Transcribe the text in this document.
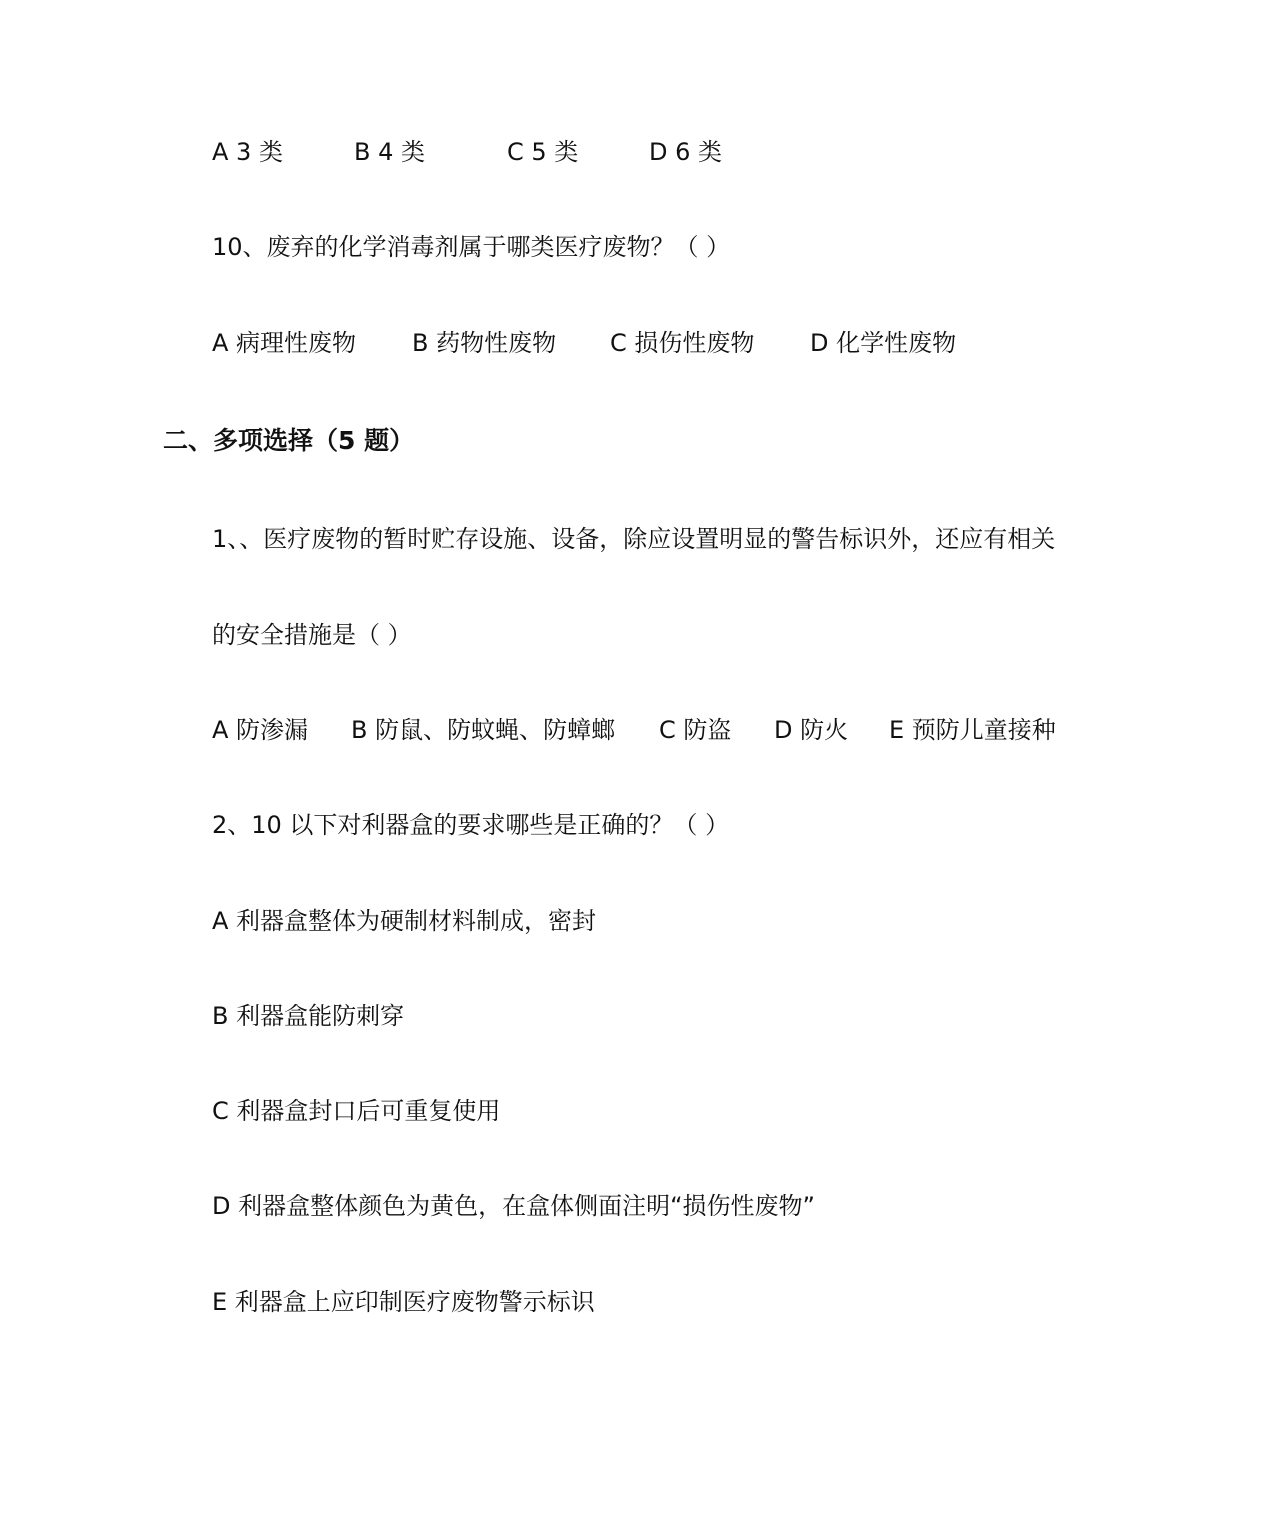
A 3 类	B 4 类	C 5 类	D 6 类
10、废弃的化学消毒剂属于哪类医疗废物？（ ）
A 病理性废物 B 药物性废物 C 损伤性废物 D 化学性废物
二、多项选择（5 题）
1、、医疗废物的暂时贮存设施、设备，除应设置明显的警告标识外，还应有相关
的安全措施是（ ）
A 防渗漏 B 防鼠、防蚊蝇、防蟑螂 C 防盗 D 防火 E 预防儿童接种
2、10 以下对利器盒的要求哪些是正确的？（ ）
A 利器盒整体为硬制材料制成，密封
B 利器盒能防刺穿
C 利器盒封口后可重复使用
D 利器盒整体颜色为黄色，在盒体侧面注明“损伤性废物”
E 利器盒上应印制医疗废物警示标识
